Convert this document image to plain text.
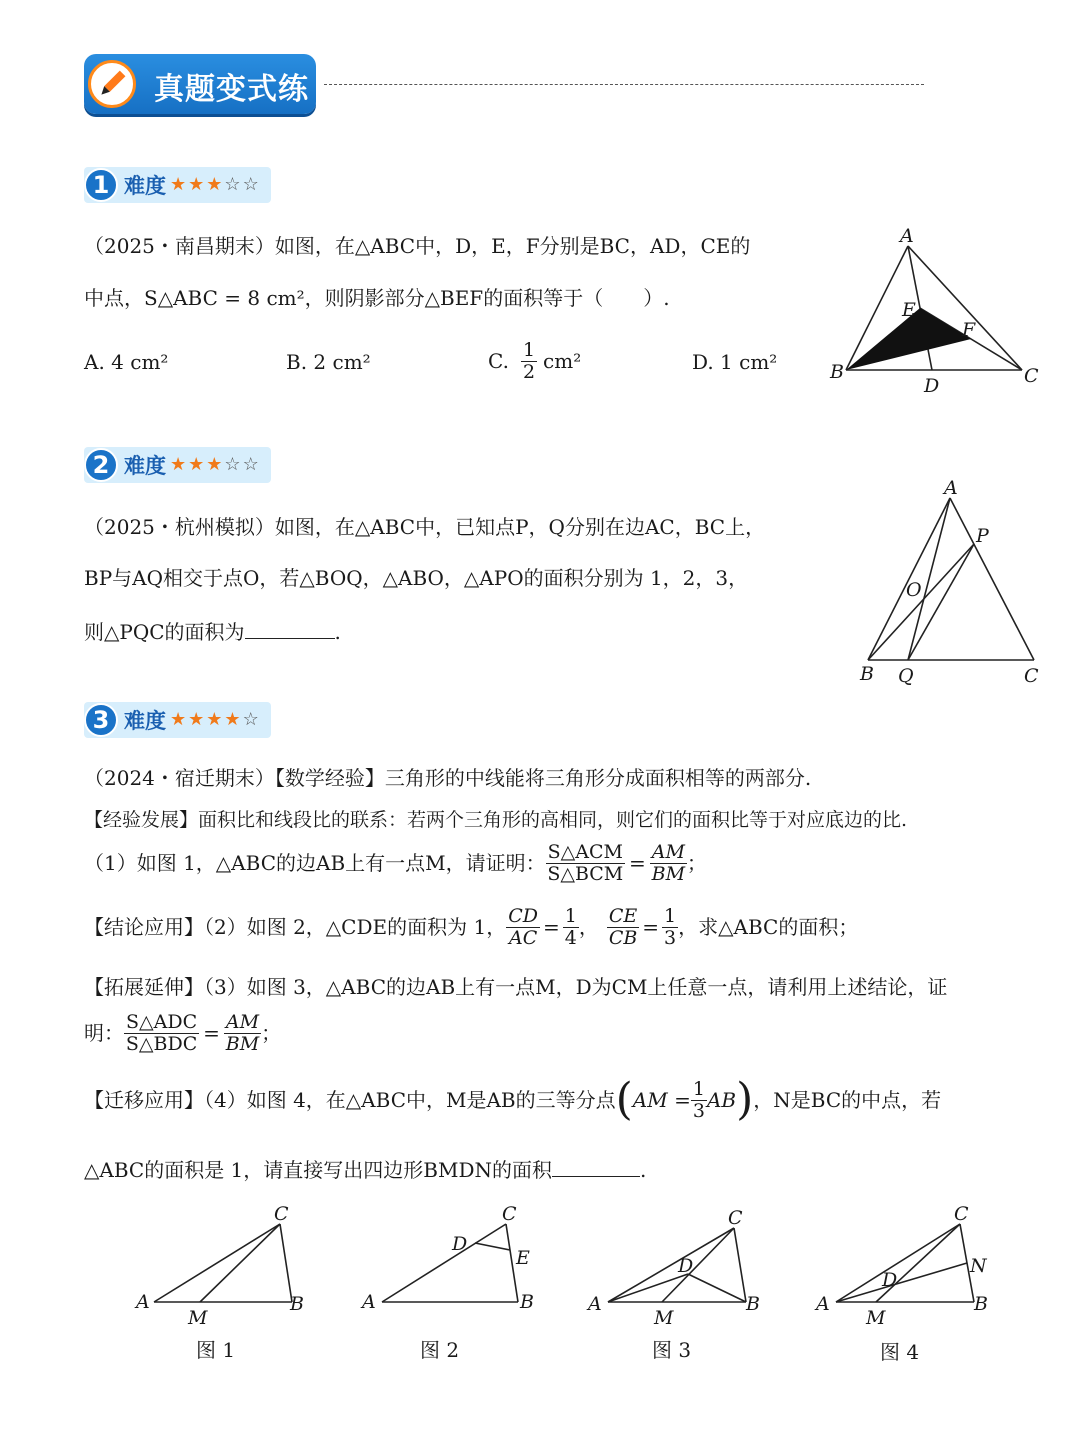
真题变式练
1 难度 ★ ★ ★ ☆ ☆
（2025・南昌期末）如图，在△ABC中，D，E，F分别是BC，AD，CE的
中点，S△ABC = 8 cm²，则阴影部分△BEF的面积等于（　　）.
A. 4 cm²	B. 2 cm²	C. $\frac{1}{2} cm^2$	D. 1 cm²
A
B	C
D
E
F
2 难度 ★ ★ ★ ☆ ☆
（2025・杭州模拟）如图，在△ABC中，已知点P，Q分别在边AC，BC上，
BP与AQ相交于点O，若△BOQ，△ABO，△APO的面积分别为 1，2，3，
则△PQC的面积为	.
A
P
O
B Q	C
3 难度 ★ ★ ★ ★ ☆
（2024・宿迁期末）【数学经验】三角形的中线能将三角形分成面积相等的两部分.
【经验发展】面积比和线段比的联系：若两个三角形的高相同，则它们的面积比等于对应底边的比.
（1）如图 1，△ABC的边AB上有一点M，请证明： $\frac{\text{S△ACM}}{\text{S△BCM}} = \frac{AM}{BM}$ ；
【结论应用】（2）如图 2，△CDE的面积为 1， $\frac{CD}{AC} = \frac{1}{4}$ ， $\frac{CE}{CB} = \frac{1}{3}$ ，求△ABC的面积；
【拓展延伸】（3）如图 3，△ABC的边AB上有一点M，D为CM上任意一点，请利用上述结论，证
明： $\frac{\text{S△ADC}}{\text{S△BDC}} = \frac{AM}{BM}$ ；
【迁移应用】（4）如图 4，在△ABC中，M是AB的三等分点 ( AM = $\frac{1}{3}$ AB ) ，N是BC的中点，若
△ABC的面积是 1，请直接写出四边形BMDN的面积	.
C
A	B
M
图 1
C
D
E
A	B
图 2
C
D
A	B
M
图 3
C
D
N
A	B
M
图 4
